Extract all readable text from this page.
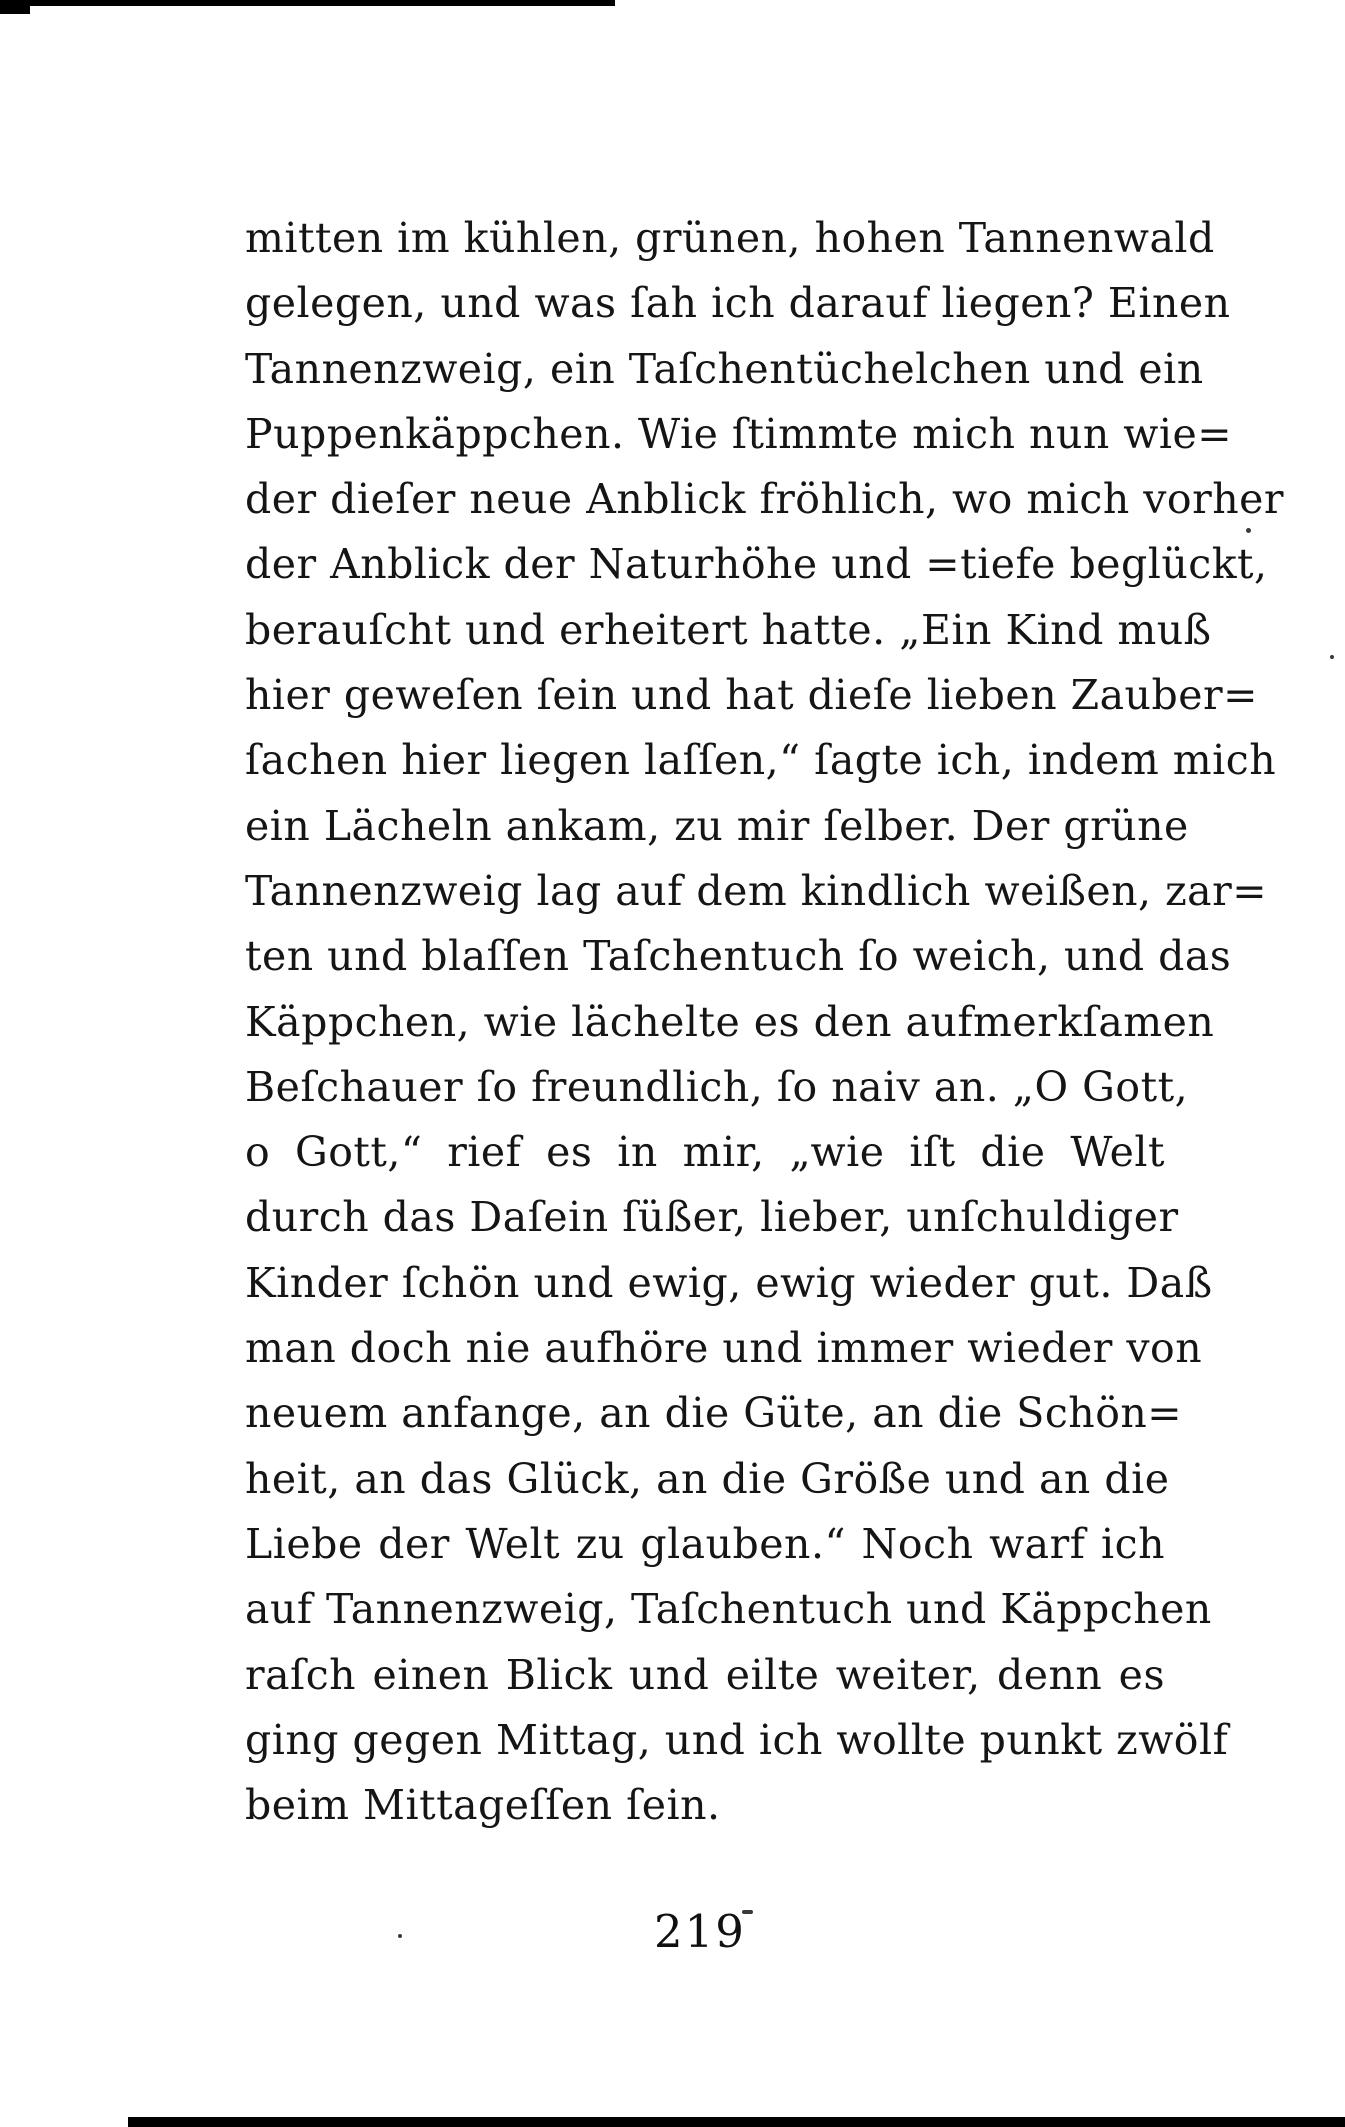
mitten im kühlen, grünen, hohen Tannenwald
gelegen, und was ſah ich darauf liegen? Einen
Tannenzweig, ein Taſchentüchelchen und ein
Puppenkäppchen. Wie ſtimmte mich nun wie=
der dieſer neue Anblick fröhlich, wo mich vorher
der Anblick der Naturhöhe und =tiefe beglückt,
berauſcht und erheitert hatte. „Ein Kind muß
hier geweſen ſein und hat dieſe lieben Zauber=
ſachen hier liegen laſſen,“ ſagte ich, indem mich
ein Lächeln ankam, zu mir ſelber. Der grüne
Tannenzweig lag auf dem kindlich weißen, zar=
ten und blaſſen Taſchentuch ſo weich, und das
Käppchen, wie lächelte es den aufmerkſamen
Beſchauer ſo freundlich, ſo naiv an. „O Gott,
o Gott,“ rief es in mir, „wie iſt die Welt
durch das Daſein ſüßer, lieber, unſchuldiger
Kinder ſchön und ewig, ewig wieder gut. Daß
man doch nie aufhöre und immer wieder von
neuem anfange, an die Güte, an die Schön=
heit, an das Glück, an die Größe und an die
Liebe der Welt zu glauben.“ Noch warf ich
auf Tannenzweig, Taſchentuch und Käppchen
raſch einen Blick und eilte weiter, denn es
ging gegen Mittag, und ich wollte punkt zwölf
beim Mittageſſen ſein.
219
